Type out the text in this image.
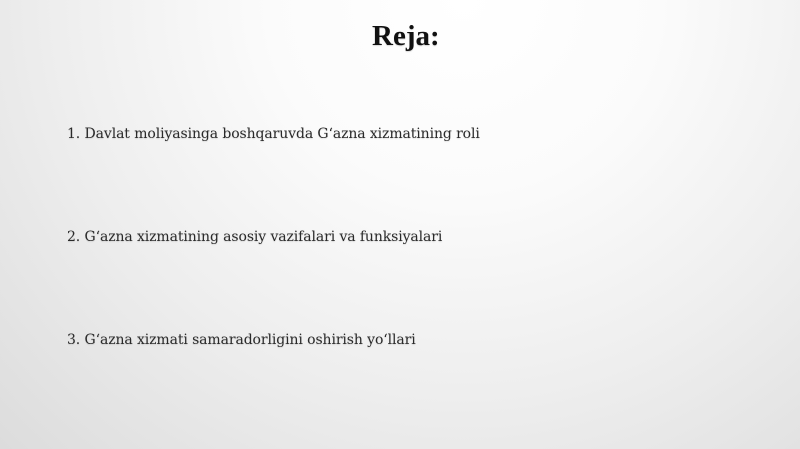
Reja:
1. Davlat moliyasinga boshqaruvda G‘azna xizmatining roli
2. G‘azna xizmatining asosiy vazifalari va funksiyalari
3. G‘azna xizmati samaradorligini oshirish yo‘llari
